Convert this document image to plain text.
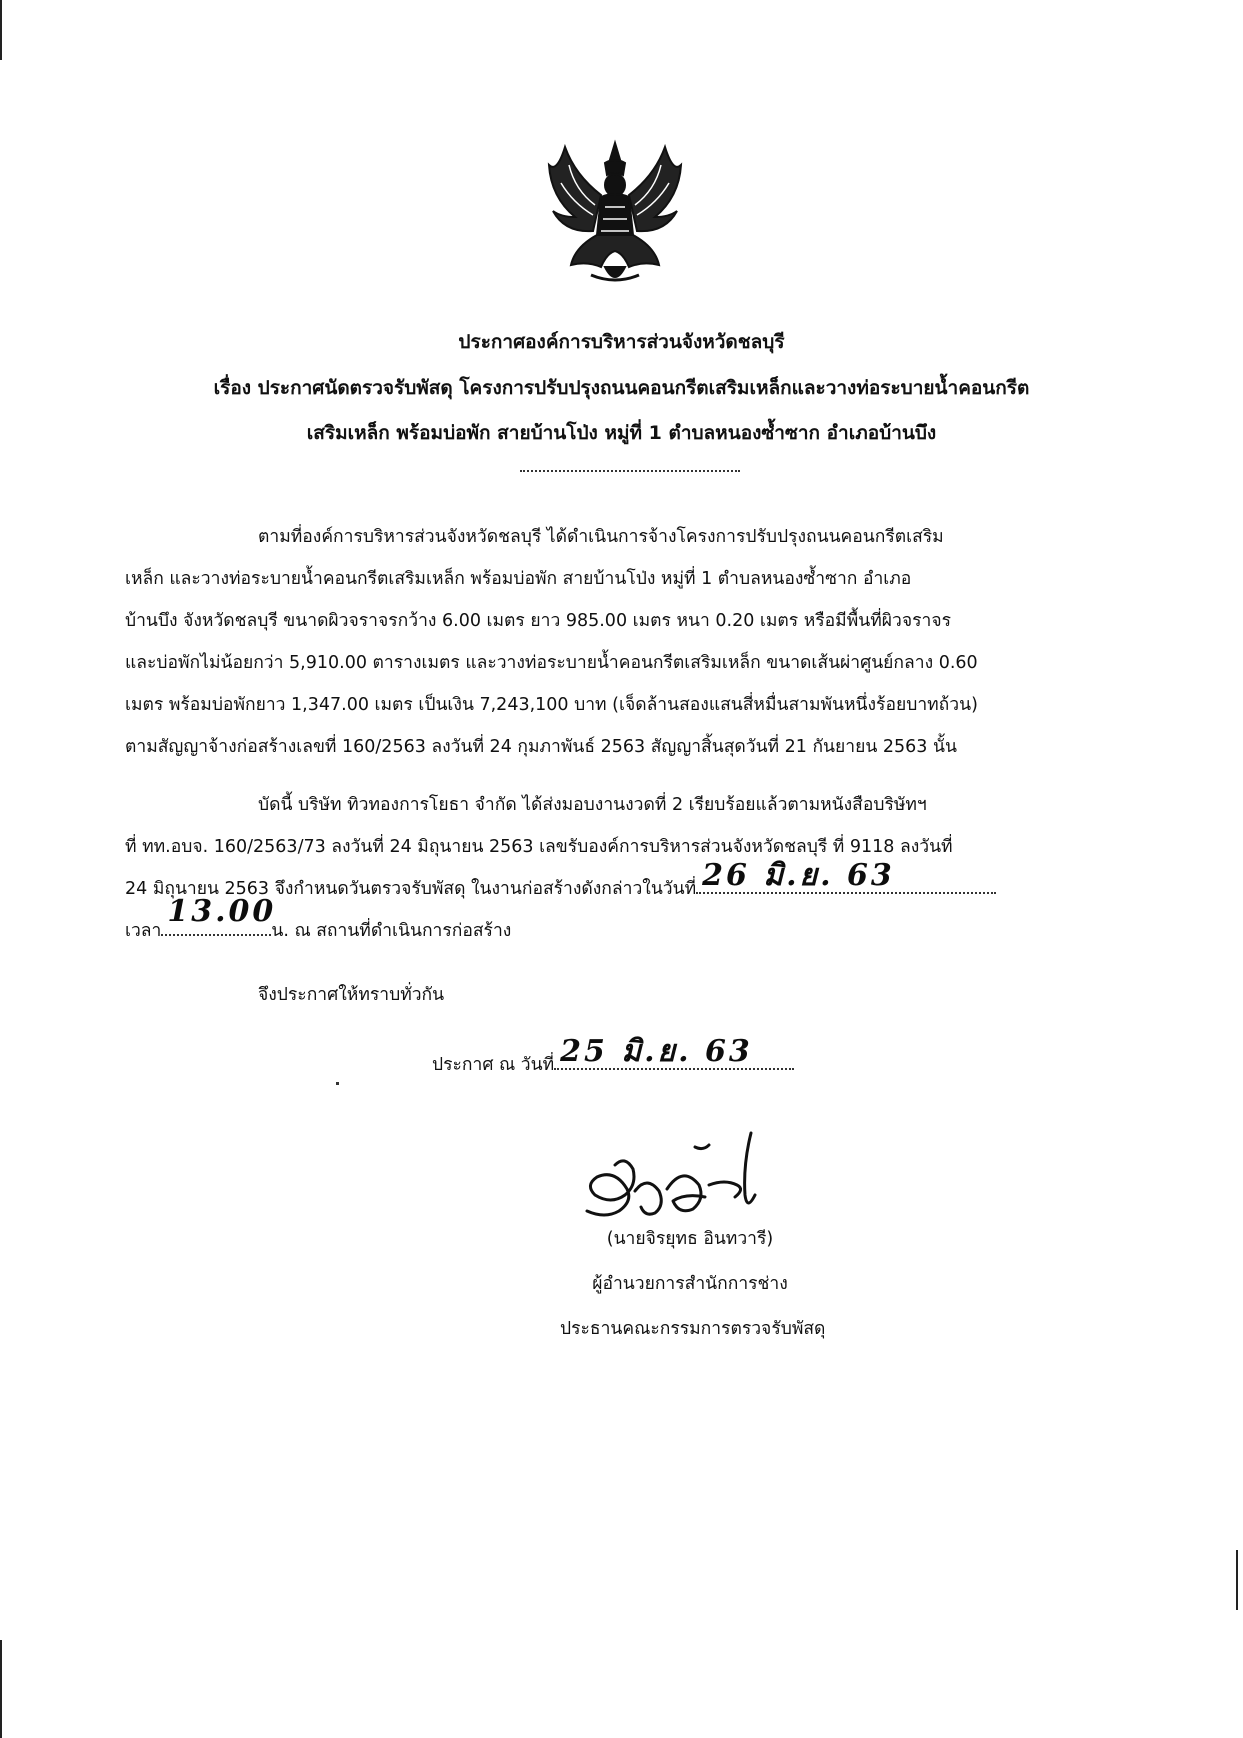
ประกาศองค์การบริหารส่วนจังหวัดชลบุรี
เรื่อง ประกาศนัดตรวจรับพัสดุ โครงการปรับปรุงถนนคอนกรีตเสริมเหล็กและวางท่อระบายน้ำคอนกรีต
เสริมเหล็ก พร้อมบ่อพัก สายบ้านโป่ง หมู่ที่ 1 ตำบลหนองซ้ำซาก อำเภอบ้านบึง
ตามที่องค์การบริหารส่วนจังหวัดชลบุรี ได้ดำเนินการจ้างโครงการปรับปรุงถนนคอนกรีตเสริม
เหล็ก และวางท่อระบายน้ำคอนกรีตเสริมเหล็ก พร้อมบ่อพัก สายบ้านโป่ง หมู่ที่ 1 ตำบลหนองซ้ำซาก อำเภอ
บ้านบึง จังหวัดชลบุรี ขนาดผิวจราจรกว้าง 6.00 เมตร ยาว 985.00 เมตร หนา 0.20 เมตร หรือมีพื้นที่ผิวจราจร
และบ่อพักไม่น้อยกว่า 5,910.00 ตารางเมตร และวางท่อระบายน้ำคอนกรีตเสริมเหล็ก ขนาดเส้นผ่าศูนย์กลาง 0.60
เมตร พร้อมบ่อพักยาว 1,347.00 เมตร เป็นเงิน 7,243,100 บาท (เจ็ดล้านสองแสนสี่หมื่นสามพันหนึ่งร้อยบาทถ้วน)
ตามสัญญาจ้างก่อสร้างเลขที่ 160/2563 ลงวันที่ 24 กุมภาพันธ์ 2563 สัญญาสิ้นสุดวันที่ 21 กันยายน 2563 นั้น
บัดนี้ บริษัท ทิวทองการโยธา จำกัด ได้ส่งมอบงานงวดที่ 2 เรียบร้อยแล้วตามหนังสือบริษัทฯ
ที่ ทท.อบจ. 160/2563/73 ลงวันที่ 24 มิถุนายน 2563 เลขรับองค์การบริหารส่วนจังหวัดชลบุรี ที่ 9118 ลงวันที่
24 มิถุนายน 2563 จึงกำหนดวันตรวจรับพัสดุ ในงานก่อสร้างดังกล่าวในวันที่ 26 มิ.ย. 63
เวลา
13.00
น. ณ สถานที่ดำเนินการก่อสร้าง
จึงประกาศให้ทราบทั่วกัน
ประกาศ ณ วันที่ 25 มิ.ย. 63
(นายจิรยุทธ อินทวารี)
ผู้อำนวยการสำนักการช่าง
ประธานคณะกรรมการตรวจรับพัสดุ
